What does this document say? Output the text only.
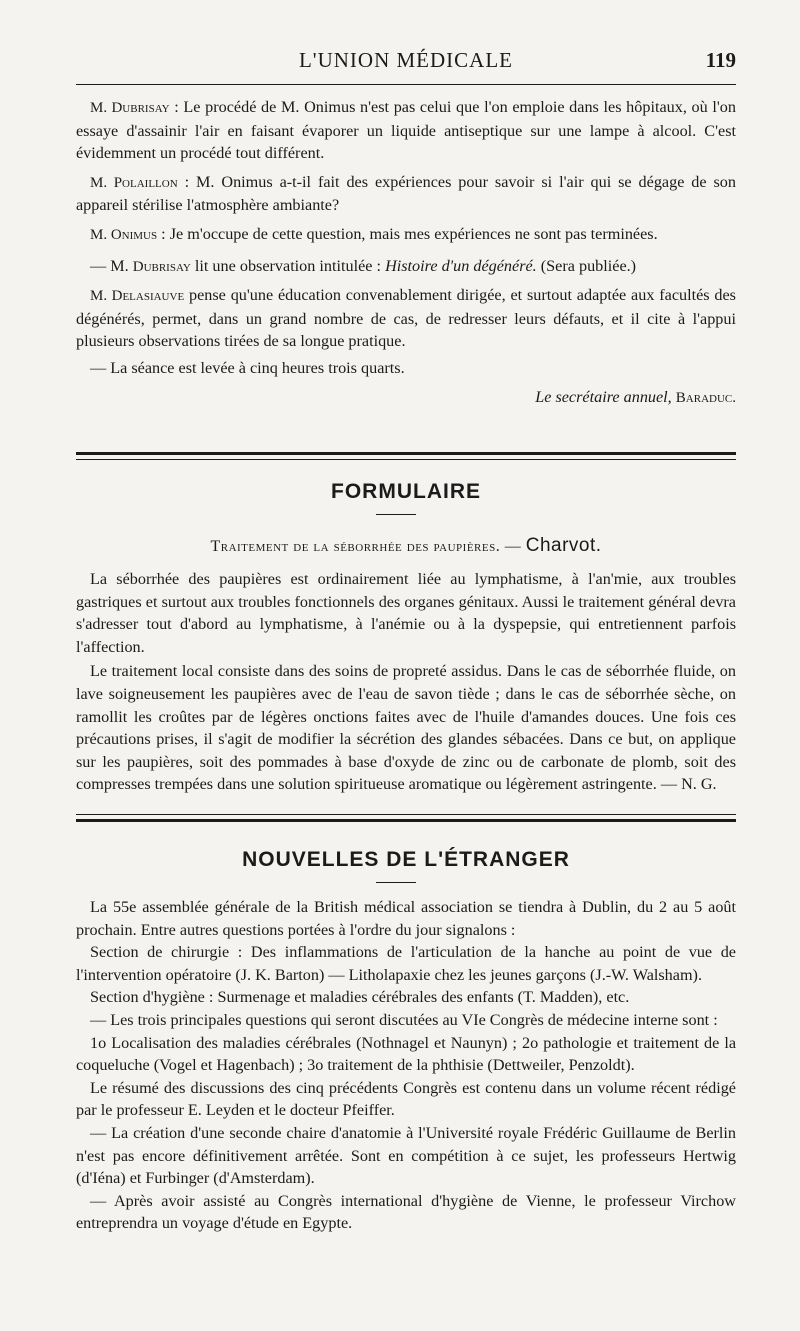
L'UNION MÉDICALE	119

M. Dubrisay : Le procédé de M. Onimus n'est pas celui que l'on emploie dans les hôpitaux, où l'on essaye d'assainir l'air en faisant évaporer un liquide antiseptique sur une lampe à alcool. C'est évidemment un procédé tout différent.

M. Polaillon : M. Onimus a-t-il fait des expériences pour savoir si l'air qui se dégage de son appareil stérilise l'atmosphère ambiante?

M. Onimus : Je m'occupe de cette question, mais mes expériences ne sont pas terminées.

— M. Dubrisay lit une observation intitulée : Histoire d'un dégénéré. (Sera publiée.)

M. Delasiauve pense qu'une éducation convenablement dirigée, et surtout adaptée aux facultés des dégénérés, permet, dans un grand nombre de cas, de redresser leurs défauts, et il cite à l'appui plusieurs observations tirées de sa longue pratique.

— La séance est levée à cinq heures trois quarts.

Le secrétaire annuel, Baraduc.

FORMULAIRE
Traitement de la séborrhée des paupières. — Charvot.

La séborrhée des paupières est ordinairement liée au lymphatisme, à l'an'mie, aux troubles gastriques et surtout aux troubles fonctionnels des organes génitaux. Aussi le traitement général devra s'adresser tout d'abord au lymphatisme, à l'anémie ou à la dyspepsie, qui entretiennent parfois l'affection.

Le traitement local consiste dans des soins de propreté assidus. Dans le cas de séborrhée fluide, on lave soigneusement les paupières avec de l'eau de savon tiède ; dans le cas de séborrhée sèche, on ramollit les croûtes par de légères onctions faites avec de l'huile d'amandes douces. Une fois ces précautions prises, il s'agit de modifier la sécrétion des glandes sébacées. Dans ce but, on applique sur les paupières, soit des pommades à base d'oxyde de zinc ou de carbonate de plomb, soit des compresses trempées dans une solution spiritueuse aromatique ou légèrement astringente. — N. G.

NOUVELLES DE L'ÉTRANGER

La 55e assemblée générale de la British médical association se tiendra à Dublin, du 2 au 5 août prochain. Entre autres questions portées à l'ordre du jour signalons :

Section de chirurgie : Des inflammations de l'articulation de la hanche au point de vue de l'intervention opératoire (J. K. Barton) — Litholapaxie chez les jeunes garçons (J.-W. Walsham).

Section d'hygiène : Surmenage et maladies cérébrales des enfants (T. Madden), etc.

— Les trois principales questions qui seront discutées au VIe Congrès de médecine interne sont :

1o Localisation des maladies cérébrales (Nothnagel et Naunyn) ; 2o pathologie et traitement de la coqueluche (Vogel et Hagenbach) ; 3o traitement de la phthisie (Dettweiler, Penzoldt).

Le résumé des discussions des cinq précédents Congrès est contenu dans un volume récent rédigé par le professeur E. Leyden et le docteur Pfeiffer.

— La création d'une seconde chaire d'anatomie à l'Université royale Frédéric Guillaume de Berlin n'est pas encore définitivement arrêtée. Sont en compétition à ce sujet, les professeurs Hertwig (d'Iéna) et Furbinger (d'Amsterdam).

— Après avoir assisté au Congrès international d'hygiène de Vienne, le professeur Virchow entreprendra un voyage d'étude en Egypte.
